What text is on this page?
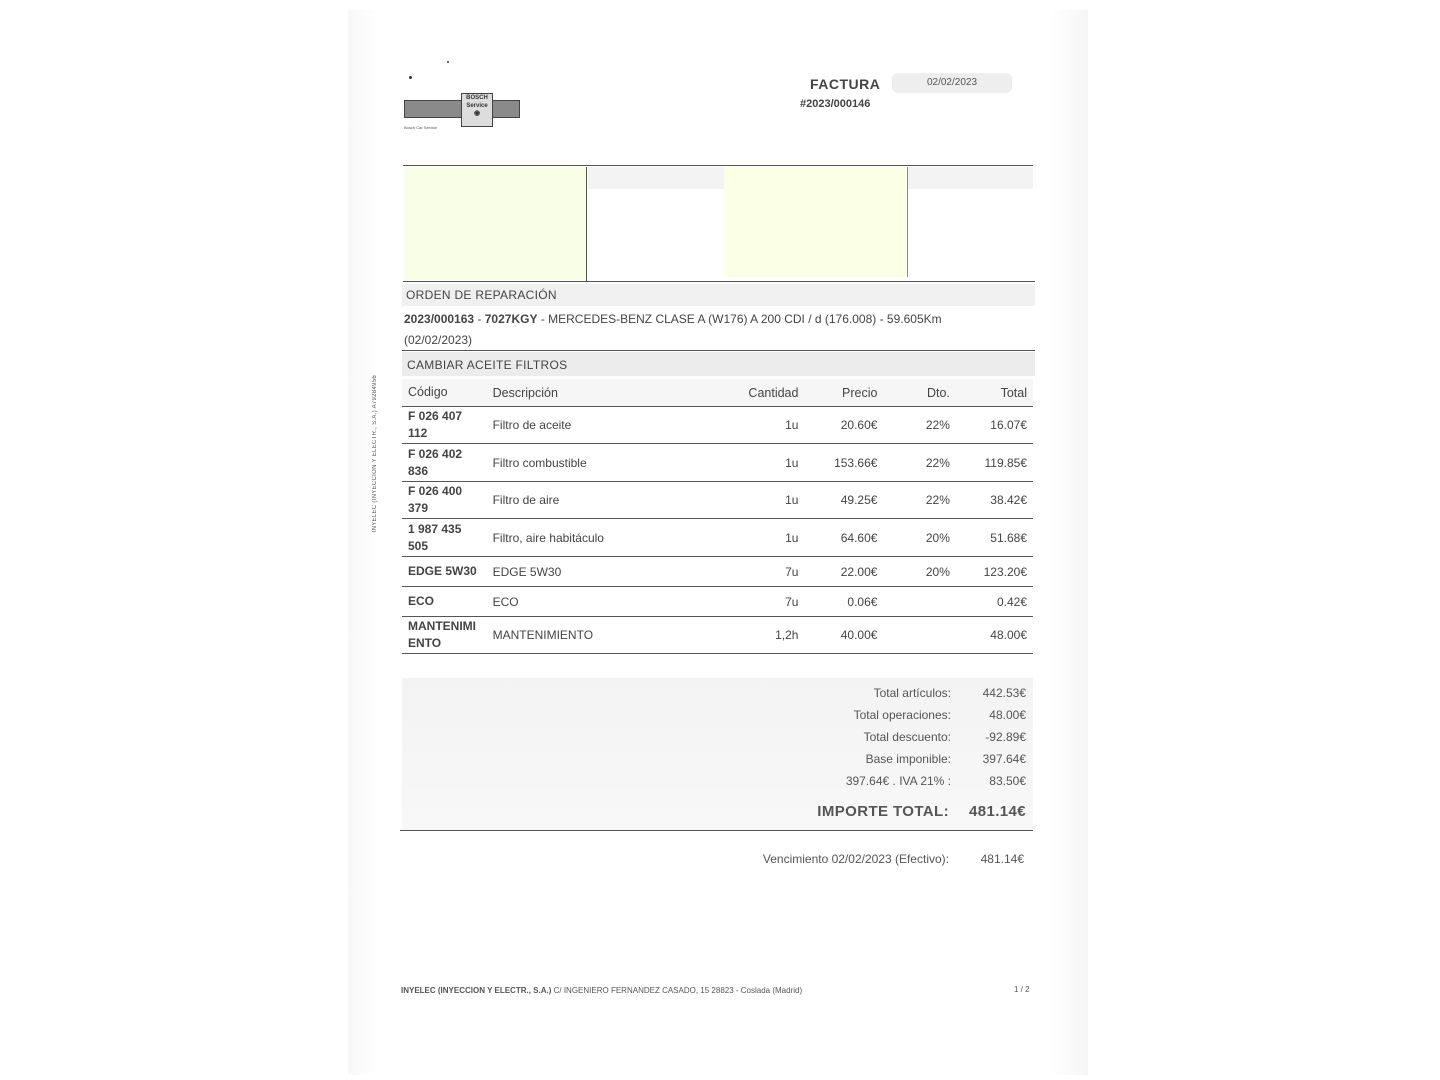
BOSCH
Service
◉
Bosch Car Service
FACTURA
#2023/000146
02/02/2023
INYELEC (INYECCION Y ELECTR., S.A.) A79284956
ORDEN DE REPARACIÓN
2023/000163 - 7027KGY - MERCEDES-BENZ CLASE A (W176) A 200 CDI / d (176.008) - 59.605Km
(02/02/2023)
CAMBIAR ACEITE FILTROS
Código	Descripción	Cantidad	Precio	Dto.	Total
F 026 407 112	Filtro de aceite	1u	20.60€	22%	16.07€
F 026 402 836	Filtro combustible	1u	153.66€	22%	119.85€
F 026 400 379	Filtro de aire	1u	49.25€	22%	38.42€
1 987 435 505	Filtro, aire habitáculo	1u	64.60€	20%	51.68€
EDGE 5W30	EDGE 5W30	7u	22.00€	20%	123.20€
ECO	ECO	7u	0.06€		0.42€
MANTENIMIENTO	MANTENIMIENTO	1,2h	40.00€		48.00€
Total artículos:	442.53€
Total operaciones:	48.00€
Total descuento:	-92.89€
Base imponible:	397.64€
397.64€ . IVA 21% :	83.50€
IMPORTE TOTAL: 481.14€
Vencimiento 02/02/2023 (Efectivo):	481.14€
INYELEC (INYECCION Y ELECTR., S.A.) C/ INGENIERO FERNANDEZ CASADO, 15 28823 - Coslada (Madrid)	1 / 2
